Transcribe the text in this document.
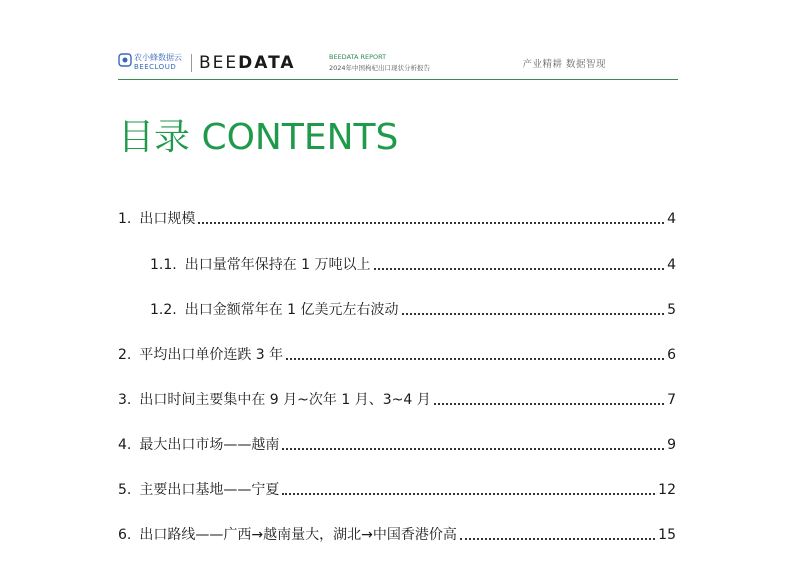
农小蜂数据云
BEECLOUD BEEDATA	BEEDATA REPORT
2024年中国枸杞出口现状分析报告	产业精耕 数据智现
目录 CONTENTS
1. 出口规模	4
1.1. 出口量常年保持在 1 万吨以上	4
1.2. 出口金额常年在 1 亿美元左右波动	5
2. 平均出口单价连跌 3 年	6
3. 出口时间主要集中在 9 月~次年 1 月、3~4 月	7
4. 最大出口市场——越南	9
5. 主要出口基地——宁夏	12
6. 出口路线——广西→越南量大，湖北→中国香港价高	15
